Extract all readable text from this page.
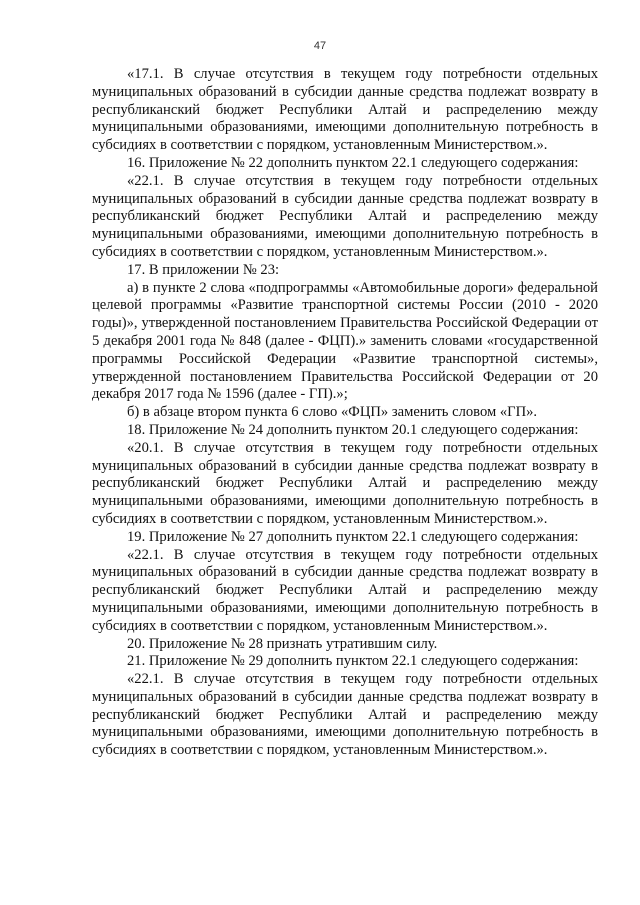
47

«17.1. В случае отсутствия в текущем году потребности отдельных муниципальных образований в субсидии данные средства подлежат возврату в республиканский бюджет Республики Алтай и распределению между муниципальными образованиями, имеющими дополнительную потребность в субсидиях в соответствии с порядком, установленным Министерством.».

16. Приложение № 22 дополнить пунктом 22.1 следующего содержания:

«22.1. В случае отсутствия в текущем году потребности отдельных муниципальных образований в субсидии данные средства подлежат возврату в республиканский бюджет Республики Алтай и распределению между муниципальными образованиями, имеющими дополнительную потребность в субсидиях в соответствии с порядком, установленным Министерством.».

17. В приложении № 23:

а) в пункте 2 слова «подпрограммы «Автомобильные дороги» федеральной целевой программы «Развитие транспортной системы России (2010 - 2020 годы)», утвержденной постановлением Правительства Российской Федерации от 5 декабря 2001 года № 848 (далее - ФЦП).» заменить словами «государственной программы Российской Федерации «Развитие транспортной системы», утвержденной постановлением Правительства Российской Федерации от 20 декабря 2017 года № 1596 (далее - ГП).»;

б) в абзаце втором пункта 6 слово «ФЦП» заменить словом «ГП».

18. Приложение № 24 дополнить пунктом 20.1 следующего содержания:

«20.1. В случае отсутствия в текущем году потребности отдельных муниципальных образований в субсидии данные средства подлежат возврату в республиканский бюджет Республики Алтай и распределению между муниципальными образованиями, имеющими дополнительную потребность в субсидиях в соответствии с порядком, установленным Министерством.».

19. Приложение № 27 дополнить пунктом 22.1 следующего содержания:

«22.1. В случае отсутствия в текущем году потребности отдельных муниципальных образований в субсидии данные средства подлежат возврату в республиканский бюджет Республики Алтай и распределению между муниципальными образованиями, имеющими дополнительную потребность в субсидиях в соответствии с порядком, установленным Министерством.».

20. Приложение № 28 признать утратившим силу.

21. Приложение № 29 дополнить пунктом 22.1 следующего содержания:

«22.1. В случае отсутствия в текущем году потребности отдельных муниципальных образований в субсидии данные средства подлежат возврату в республиканский бюджет Республики Алтай и распределению между муниципальными образованиями, имеющими дополнительную потребность в субсидиях в соответствии с порядком, установленным Министерством.».
